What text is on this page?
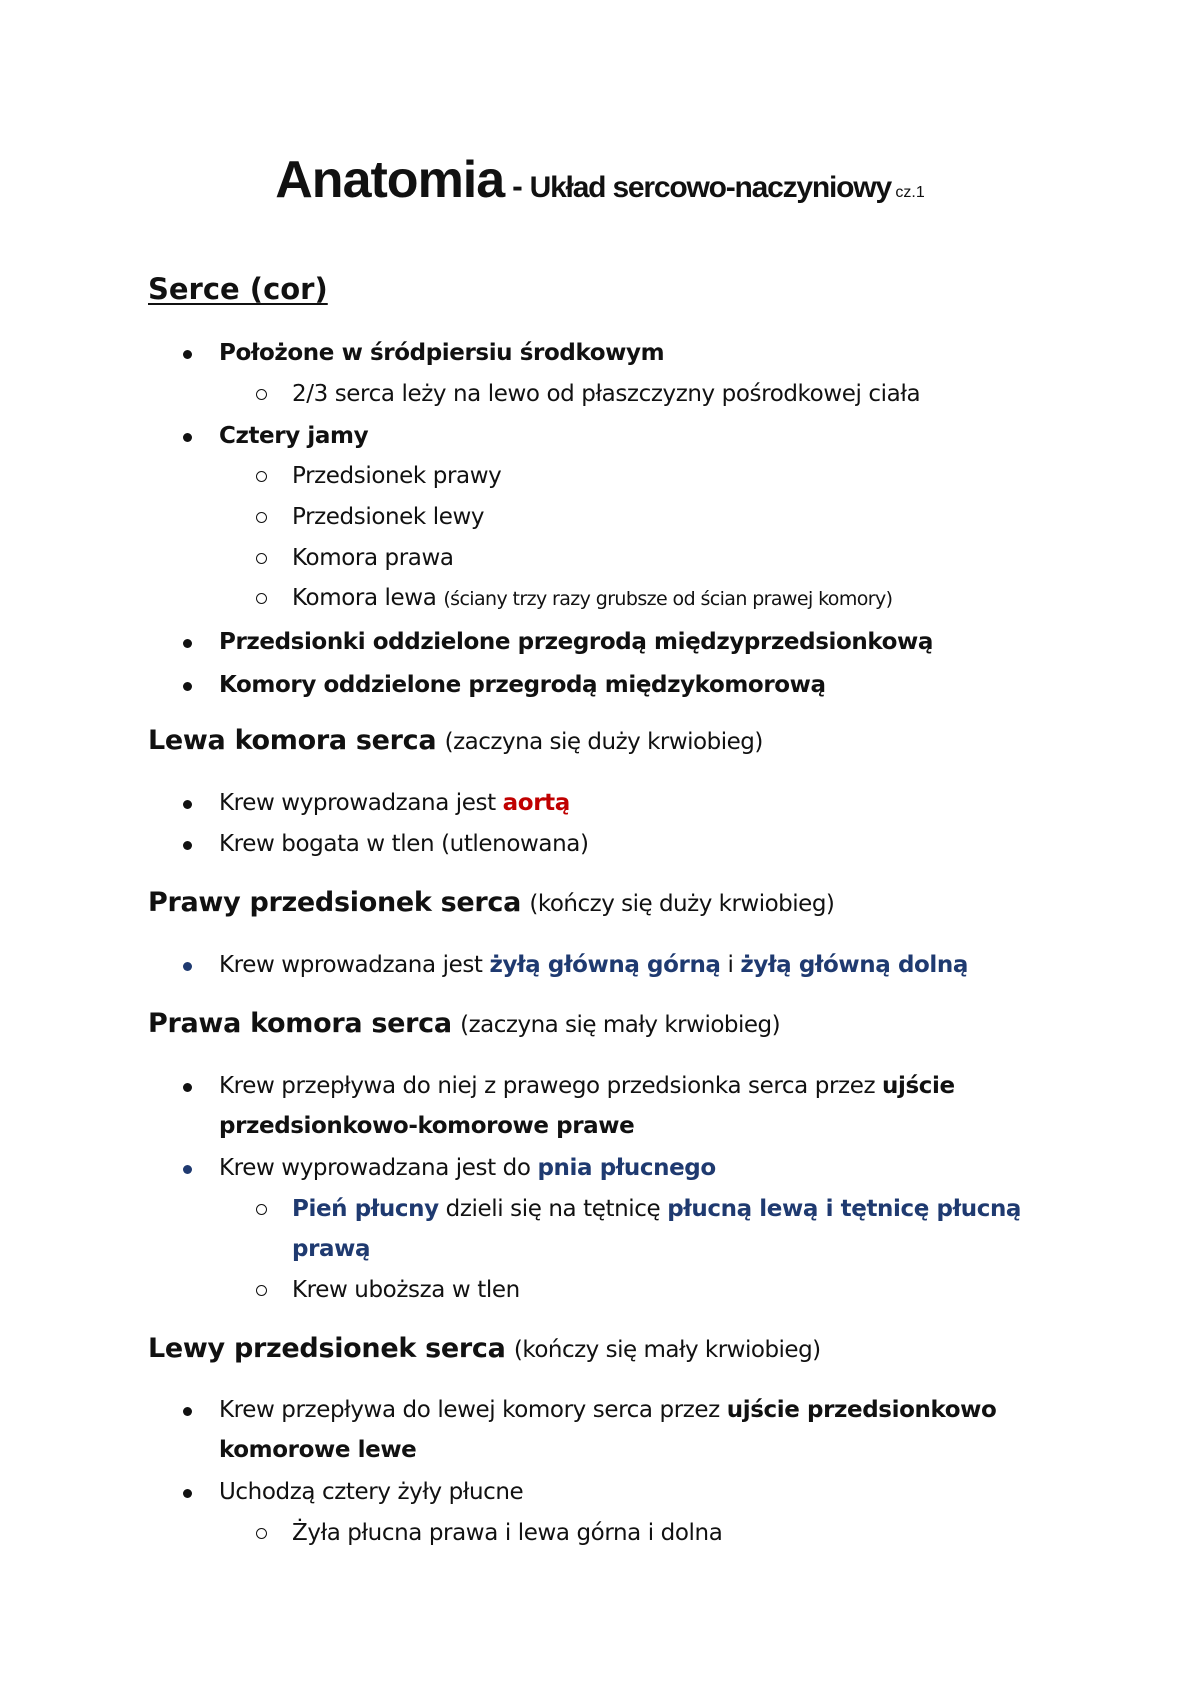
Anatomia - Układ sercowo-naczyniowy cz.1
Serce (cor)
Położone w śródpiersiu środkowym
2/3 serca leży na lewo od płaszczyzny pośrodkowej ciała
Cztery jamy
Przedsionek prawy
Przedsionek lewy
Komora prawa
Komora lewa (ściany trzy razy grubsze od ścian prawej komory)
Przedsionki oddzielone przegrodą międzyprzedsionkową
Komory oddzielone przegrodą międzykomorową
Lewa komora serca (zaczyna się duży krwiobieg)
Krew wyprowadzana jest aortą
Krew bogata w tlen (utlenowana)
Prawy przedsionek serca (kończy się duży krwiobieg)
Krew wprowadzana jest żyłą główną górną i żyłą główną dolną
Prawa komora serca (zaczyna się mały krwiobieg)
Krew przepływa do niej z prawego przedsionka serca przez ujście
przedsionkowo-komorowe prawe
Krew wyprowadzana jest do pnia płucnego
Pień płucny dzieli się na tętnicę płucną lewą i tętnicę płucną
prawą
Krew uboższa w tlen
Lewy przedsionek serca (kończy się mały krwiobieg)
Krew przepływa do lewej komory serca przez ujście przedsionkowo
komorowe lewe
Uchodzą cztery żyły płucne
Żyła płucna prawa i lewa górna i dolna
